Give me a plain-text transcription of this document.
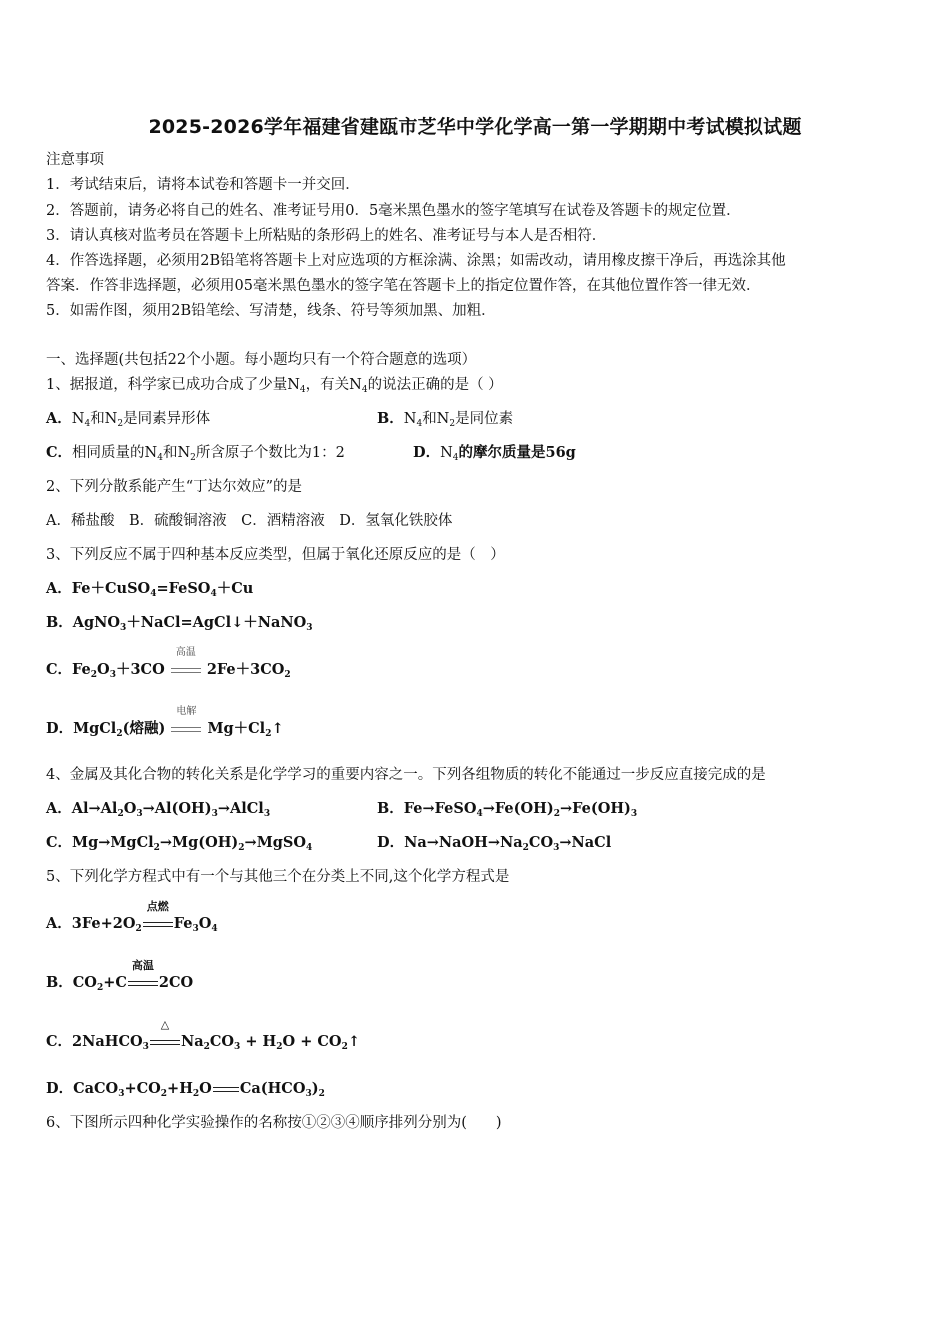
2025-2026学年福建省建瓯市芝华中学化学高一第一学期期中考试模拟试题
注意事项
1．考试结束后，请将本试卷和答题卡一并交回．
2．答题前，请务必将自己的姓名、准考证号用0．5毫米黑色墨水的签字笔填写在试卷及答题卡的规定位置．
3．请认真核对监考员在答题卡上所粘贴的条形码上的姓名、准考证号与本人是否相符．
4．作答选择题，必须用2B铅笔将答题卡上对应选项的方框涂满、涂黑；如需改动，请用橡皮擦干净后，再选涂其他
答案．作答非选择题，必须用05毫米黑色墨水的签字笔在答题卡上的指定位置作答，在其他位置作答一律无效．
5．如需作图，须用2B铅笔绘、写清楚，线条、符号等须加黑、加粗．
一、选择题(共包括22个小题。每小题均只有一个符合题意的选项）
1、据报道，科学家已成功合成了少量$N_4$，有关$N_4$的说法正确的是（ ）
A．$N_4$和$N_2$是同素异形体	B．$N_4$和$N_2$是同位素
C．相同质量的$N_4$和$N_2$所含原子个数比为1：2	D．$N_4$的摩尔质量是56g
2、下列分散系能产生“丁达尔效应”的是
A．稀盐酸　B．硫酸铜溶液　C．酒精溶液　D．氢氧化铁胶体
3、下列反应不属于四种基本反应类型，但属于氧化还原反应的是（　）
A．Fe＋CuSO$_4$=FeSO$_4$＋Cu
B．AgNO$_3$＋NaCl=AgCl↓＋NaNO$_3$
C．$Fe_2O_3+3CO$
高温
$2Fe+3CO_2$
D．MgCl$_2$(熔融)
电解
$Mg+Cl_2↑$
4、金属及其化合物的转化关系是化学学习的重要内容之一。下列各组物质的转化不能通过一步反应直接完成的是
A．$Al\to Al_2O_3\to Al(OH)_3\to AlCl_3$	B．$Fe\to FeSO_4\to Fe(OH)_2\to Fe(OH)_3$
C．$Mg\to MgCl_2\to Mg(OH)_2\to MgSO_4$	D．$Na\to NaOH\to Na_2CO_3\to NaCl$
5、下列化学方程式中有一个与其他三个在分类上不同,这个化学方程式是
A．$3Fe+2O_2$
点燃
$Fe_3O_4$
B．$CO_2+C$
高温
2CO
C．2NaHCO$_3$
△
$Na_2CO_3 + H_2O$ + $CO_2↑$
D．$CaCO_3+CO_2+H_2O$ $Ca(HCO_3)_2$
6、下图所示四种化学实验操作的名称按①②③④顺序排列分别为(　　)
